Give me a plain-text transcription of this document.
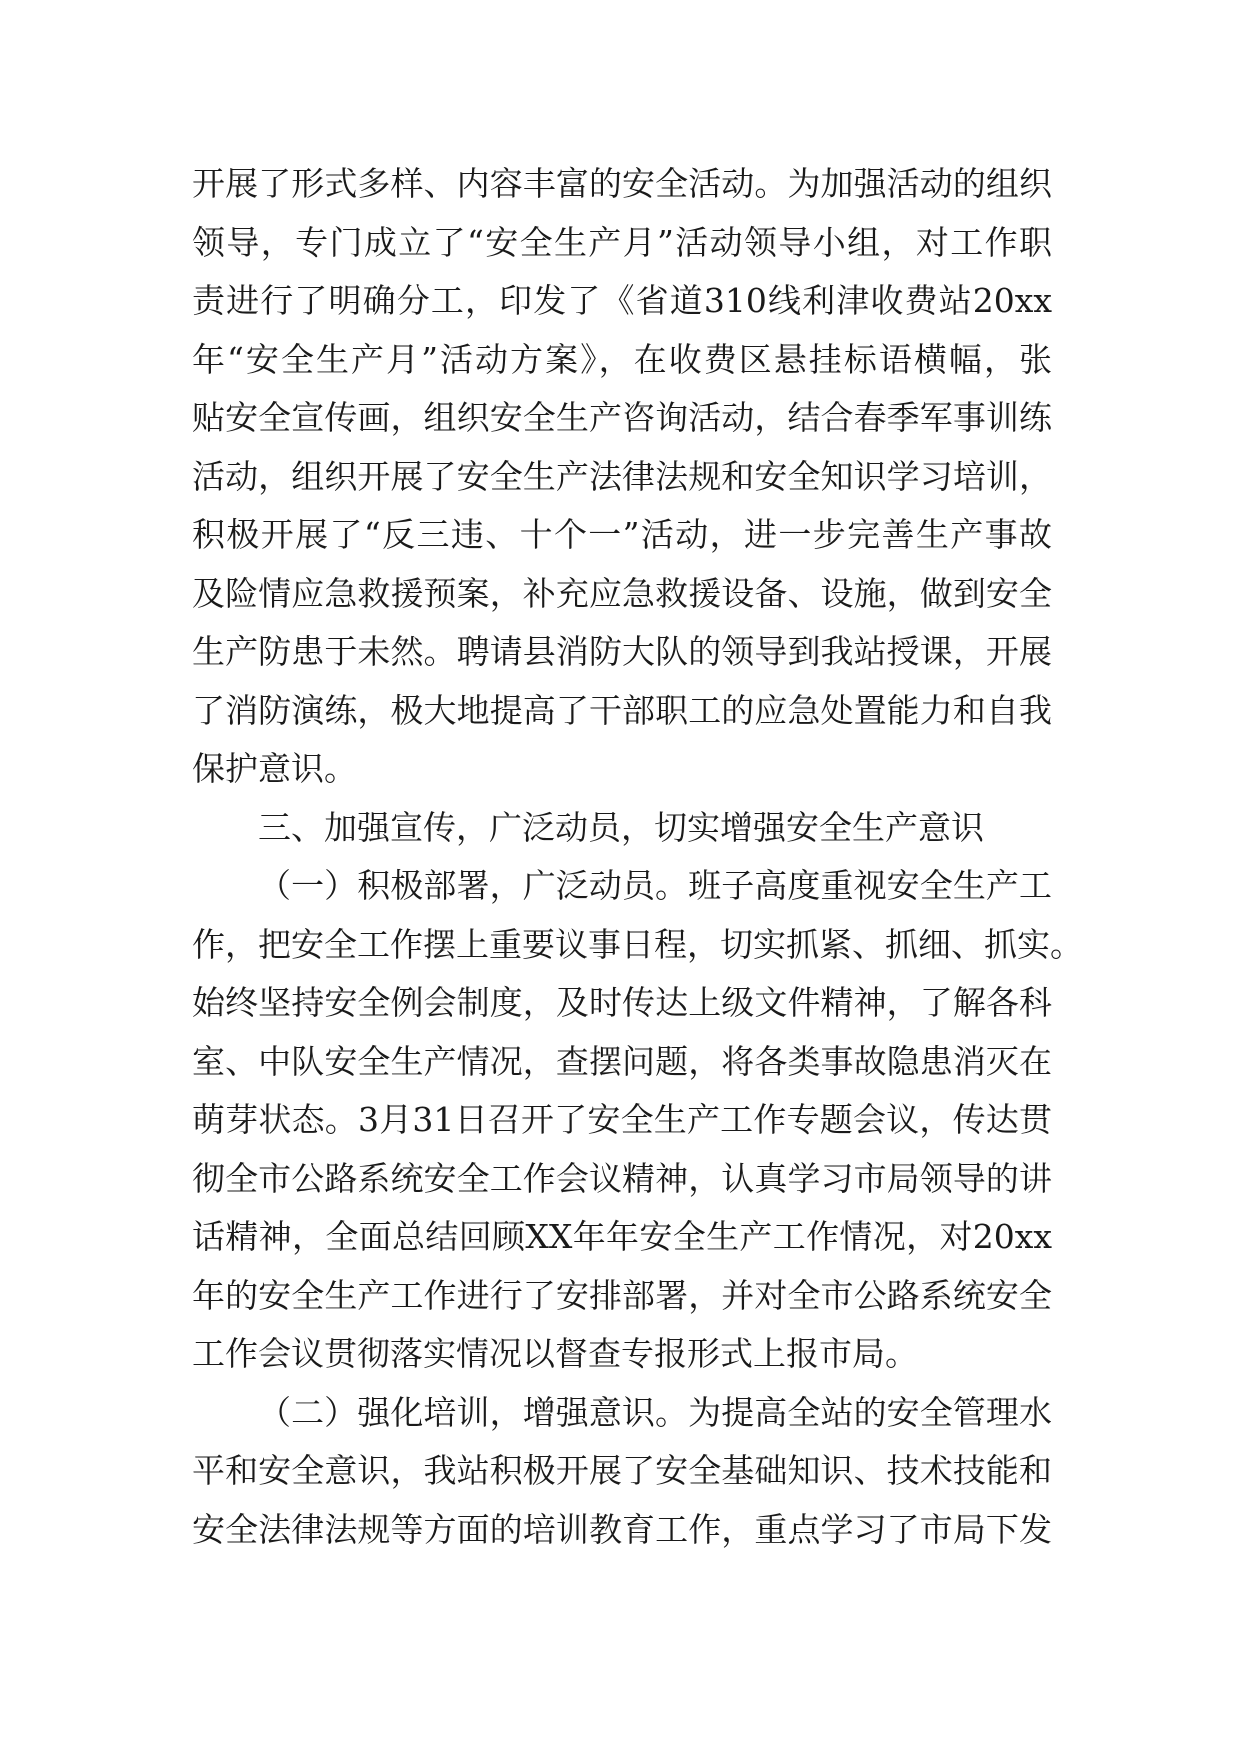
开展了形式多样、内容丰富的安全活动。为加强活动的组织
领导，专门成立了“安全生产月”活动领导小组，对工作职
责进行了明确分工，印发了《省道310线利津收费站20xx
年“安全生产月”活动方案》，在收费区悬挂标语横幅，张
贴安全宣传画，组织安全生产咨询活动，结合春季军事训练
活动，组织开展了安全生产法律法规和安全知识学习培训，
积极开展了“反三违、十个一”活动，进一步完善生产事故
及险情应急救援预案，补充应急救援设备、设施，做到安全
生产防患于未然。聘请县消防大队的领导到我站授课，开展
了消防演练，极大地提高了干部职工的应急处置能力和自我
保护意识。
三、加强宣传，广泛动员，切实增强安全生产意识
（一）积极部署，广泛动员。班子高度重视安全生产工
作，把安全工作摆上重要议事日程，切实抓紧、抓细、抓实。
始终坚持安全例会制度，及时传达上级文件精神，了解各科
室、中队安全生产情况，查摆问题，将各类事故隐患消灭在
萌芽状态。3月31日召开了安全生产工作专题会议，传达贯
彻全市公路系统安全工作会议精神，认真学习市局领导的讲
话精神，全面总结回顾XX年年安全生产工作情况，对20xx
年的安全生产工作进行了安排部署，并对全市公路系统安全
工作会议贯彻落实情况以督查专报形式上报市局。
（二）强化培训，增强意识。为提高全站的安全管理水
平和安全意识，我站积极开展了安全基础知识、技术技能和
安全法律法规等方面的培训教育工作，重点学习了市局下发
